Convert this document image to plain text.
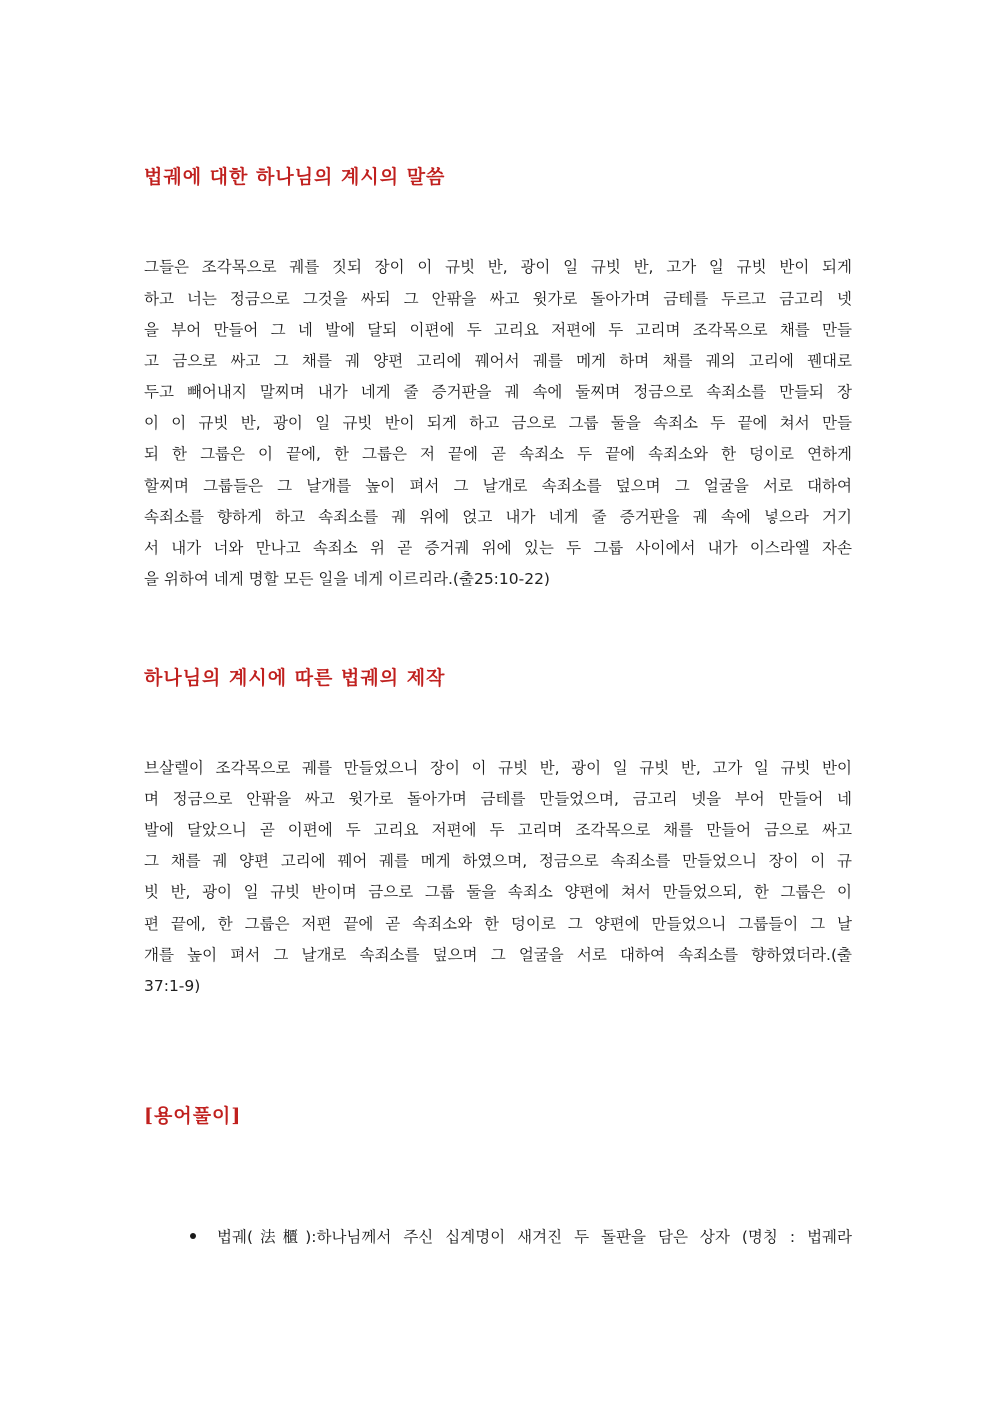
법궤에 대한 하나님의 계시의 말씀
그들은 조각목으로 궤를 짓되 장이 이 규빗 반, 광이 일 규빗 반, 고가 일 규빗 반이 되게
하고 너는 정금으로 그것을 싸되 그 안팎을 싸고 윗가로 돌아가며 금테를 두르고 금고리 넷
을 부어 만들어 그 네 발에 달되 이편에 두 고리요 저편에 두 고리며 조각목으로 채를 만들
고 금으로 싸고 그 채를 궤 양편 고리에 꿰어서 궤를 메게 하며 채를 궤의 고리에 꿴대로
두고 빼어내지 말찌며 내가 네게 줄 증거판을 궤 속에 둘찌며 정금으로 속죄소를 만들되 장
이 이 규빗 반, 광이 일 규빗 반이 되게 하고 금으로 그룹 둘을 속죄소 두 끝에 쳐서 만들
되 한 그룹은 이 끝에, 한 그룹은 저 끝에 곧 속죄소 두 끝에 속죄소와 한 덩이로 연하게
할찌며 그룹들은 그 날개를 높이 펴서 그 날개로 속죄소를 덮으며 그 얼굴을 서로 대하여
속죄소를 향하게 하고 속죄소를 궤 위에 얹고 내가 네게 줄 증거판을 궤 속에 넣으라 거기
서 내가 너와 만나고 속죄소 위 곧 증거궤 위에 있는 두 그룹 사이에서 내가 이스라엘 자손
을 위하여 네게 명할 모든 일을 네게 이르리라.(출25:10-22)
하나님의 계시에 따른 법궤의 제작
브살렐이 조각목으로 궤를 만들었으니 장이 이 규빗 반, 광이 일 규빗 반, 고가 일 규빗 반이
며 정금으로 안팎을 싸고 윗가로 돌아가며 금테를 만들었으며, 금고리 넷을 부어 만들어 네
발에 달았으니 곧 이편에 두 고리요 저편에 두 고리며 조각목으로 채를 만들어 금으로 싸고
그 채를 궤 양편 고리에 꿰어 궤를 메게 하였으며, 정금으로 속죄소를 만들었으니 장이 이 규
빗 반, 광이 일 규빗 반이며 금으로 그룹 둘을 속죄소 양편에 쳐서 만들었으되, 한 그룹은 이
편 끝에, 한 그룹은 저편 끝에 곧 속죄소와 한 덩이로 그 양편에 만들었으니 그룹들이 그 날
개를 높이 펴서 그 날개로 속죄소를 덮으며 그 얼굴을 서로 대하여 속죄소를 향하였더라.(출
37:1-9)
[용어풀이]
법궤(法櫃):하나님께서 주신 십계명이 새겨진 두 돌판을 담은 상자 (명칭 : 법궤라
